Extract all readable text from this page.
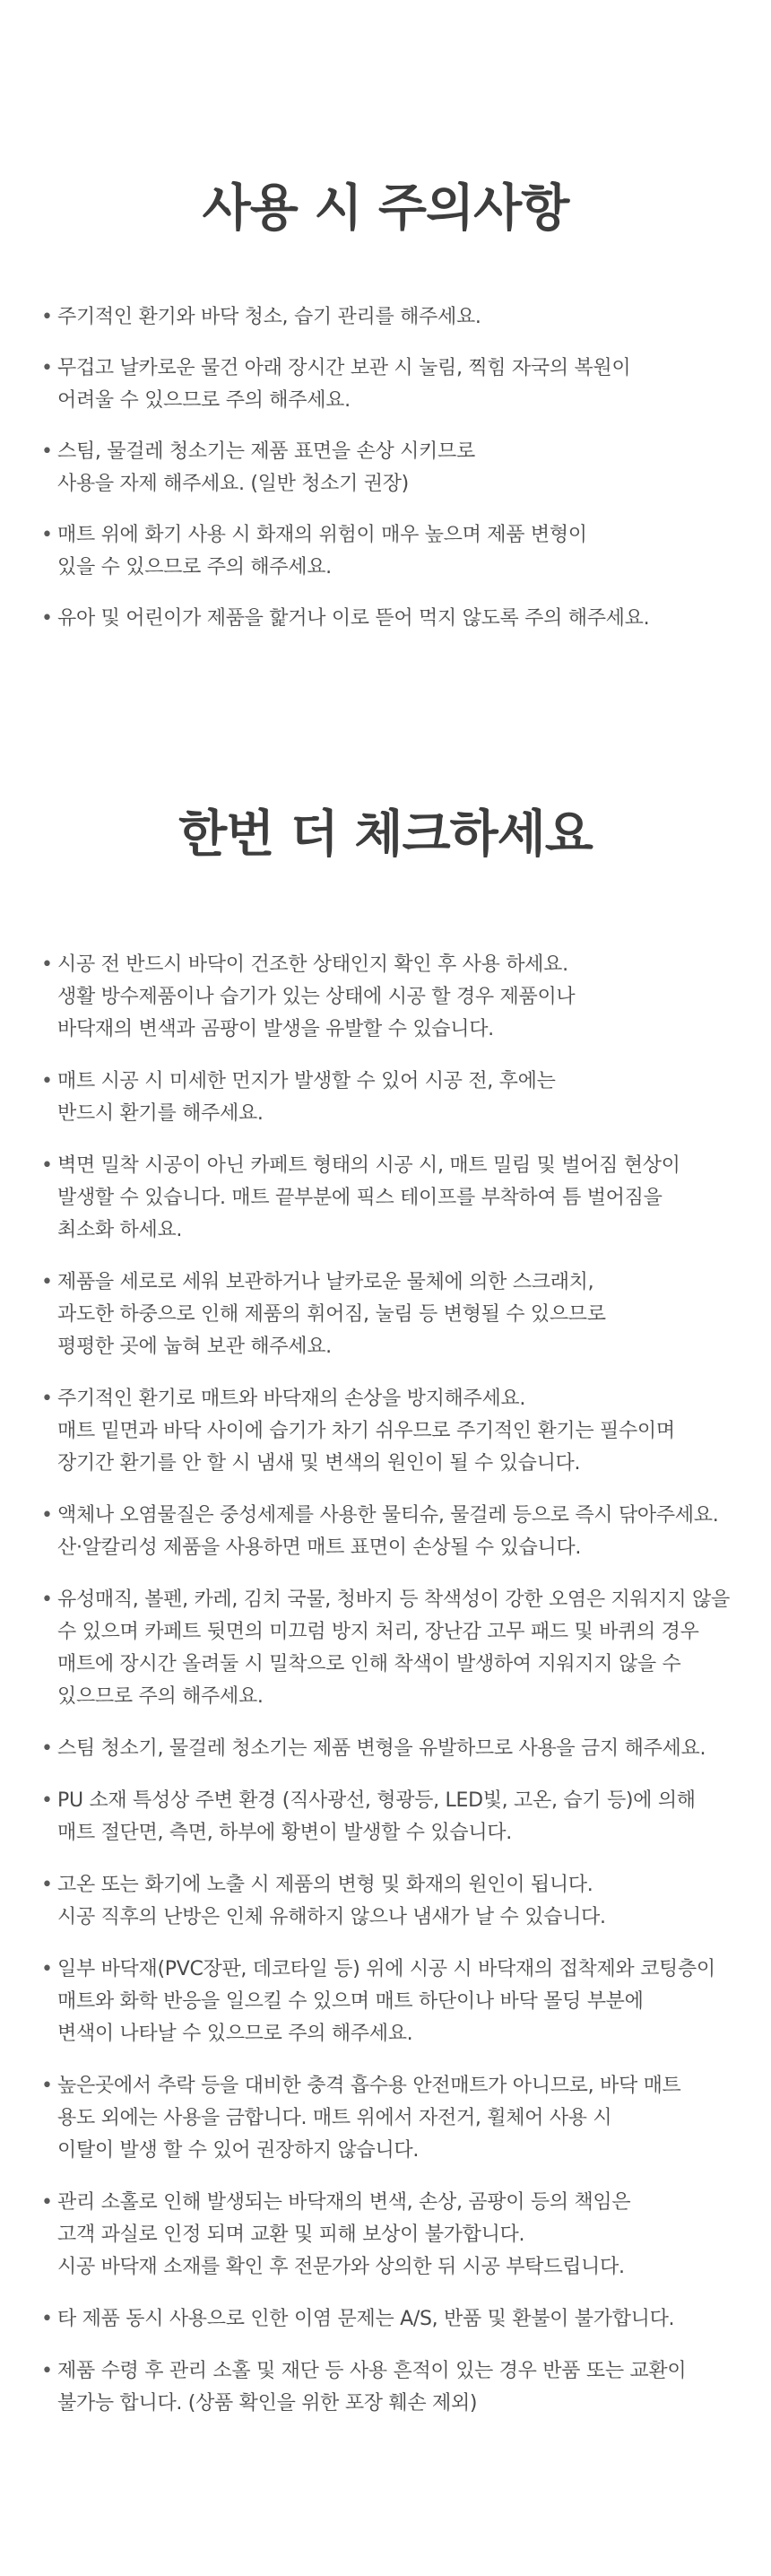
사용 시 주의사항
• 주기적인 환기와 바닥 청소, 습기 관리를 해주세요.
• 무겁고 날카로운 물건 아래 장시간 보관 시 눌림, 찍힘 자국의 복원이
어려울 수 있으므로 주의 해주세요.
• 스팀, 물걸레 청소기는 제품 표면을 손상 시키므로
사용을 자제 해주세요. (일반 청소기 권장)
• 매트 위에 화기 사용 시 화재의 위험이 매우 높으며 제품 변형이
있을 수 있으므로 주의 해주세요.
• 유아 및 어린이가 제품을 핥거나 이로 뜯어 먹지 않도록 주의 해주세요.
한번 더 체크하세요
• 시공 전 반드시 바닥이 건조한 상태인지 확인 후 사용 하세요.
생활 방수제품이나 습기가 있는 상태에 시공 할 경우 제품이나
바닥재의 변색과 곰팡이 발생을 유발할 수 있습니다.
• 매트 시공 시 미세한 먼지가 발생할 수 있어 시공 전, 후에는
반드시 환기를 해주세요.
• 벽면 밀착 시공이 아닌 카페트 형태의 시공 시, 매트 밀림 및 벌어짐 현상이
발생할 수 있습니다. 매트 끝부분에 픽스 테이프를 부착하여 틈 벌어짐을
최소화 하세요.
• 제품을 세로로 세워 보관하거나 날카로운 물체에 의한 스크래치,
과도한 하중으로 인해 제품의 휘어짐, 눌림 등 변형될 수 있으므로
평평한 곳에 눕혀 보관 해주세요.
• 주기적인 환기로 매트와 바닥재의 손상을 방지해주세요.
매트 밑면과 바닥 사이에 습기가 차기 쉬우므로 주기적인 환기는 필수이며
장기간 환기를 안 할 시 냄새 및 변색의 원인이 될 수 있습니다.
• 액체나 오염물질은 중성세제를 사용한 물티슈, 물걸레 등으로 즉시 닦아주세요.
산·알칼리성 제품을 사용하면 매트 표면이 손상될 수 있습니다.
• 유성매직, 볼펜, 카레, 김치 국물, 청바지 등 착색성이 강한 오염은 지워지지 않을
수 있으며 카페트 뒷면의 미끄럼 방지 처리, 장난감 고무 패드 및 바퀴의 경우
매트에 장시간 올려둘 시 밀착으로 인해 착색이 발생하여 지워지지 않을 수
있으므로 주의 해주세요.
• 스팀 청소기, 물걸레 청소기는 제품 변형을 유발하므로 사용을 금지 해주세요.
• PU 소재 특성상 주변 환경 (직사광선, 형광등, LED빛, 고온, 습기 등)에 의해
매트 절단면, 측면, 하부에 황변이 발생할 수 있습니다.
• 고온 또는 화기에 노출 시 제품의 변형 및 화재의 원인이 됩니다.
시공 직후의 난방은 인체 유해하지 않으나 냄새가 날 수 있습니다.
• 일부 바닥재(PVC장판, 데코타일 등) 위에 시공 시 바닥재의 접착제와 코팅층이
매트와 화학 반응을 일으킬 수 있으며 매트 하단이나 바닥 몰딩 부분에
변색이 나타날 수 있으므로 주의 해주세요.
• 높은곳에서 추락 등을 대비한 충격 흡수용 안전매트가 아니므로, 바닥 매트
용도 외에는 사용을 금합니다. 매트 위에서 자전거, 휠체어 사용 시
이탈이 발생 할 수 있어 권장하지 않습니다.
• 관리 소홀로 인해 발생되는 바닥재의 변색, 손상, 곰팡이 등의 책임은
고객 과실로 인정 되며 교환 및 피해 보상이 불가합니다.
시공 바닥재 소재를 확인 후 전문가와 상의한 뒤 시공 부탁드립니다.
• 타 제품 동시 사용으로 인한 이염 문제는 A/S, 반품 및 환불이 불가합니다.
• 제품 수령 후 관리 소홀 및 재단 등 사용 흔적이 있는 경우 반품 또는 교환이
불가능 합니다. (상품 확인을 위한 포장 훼손 제외)
